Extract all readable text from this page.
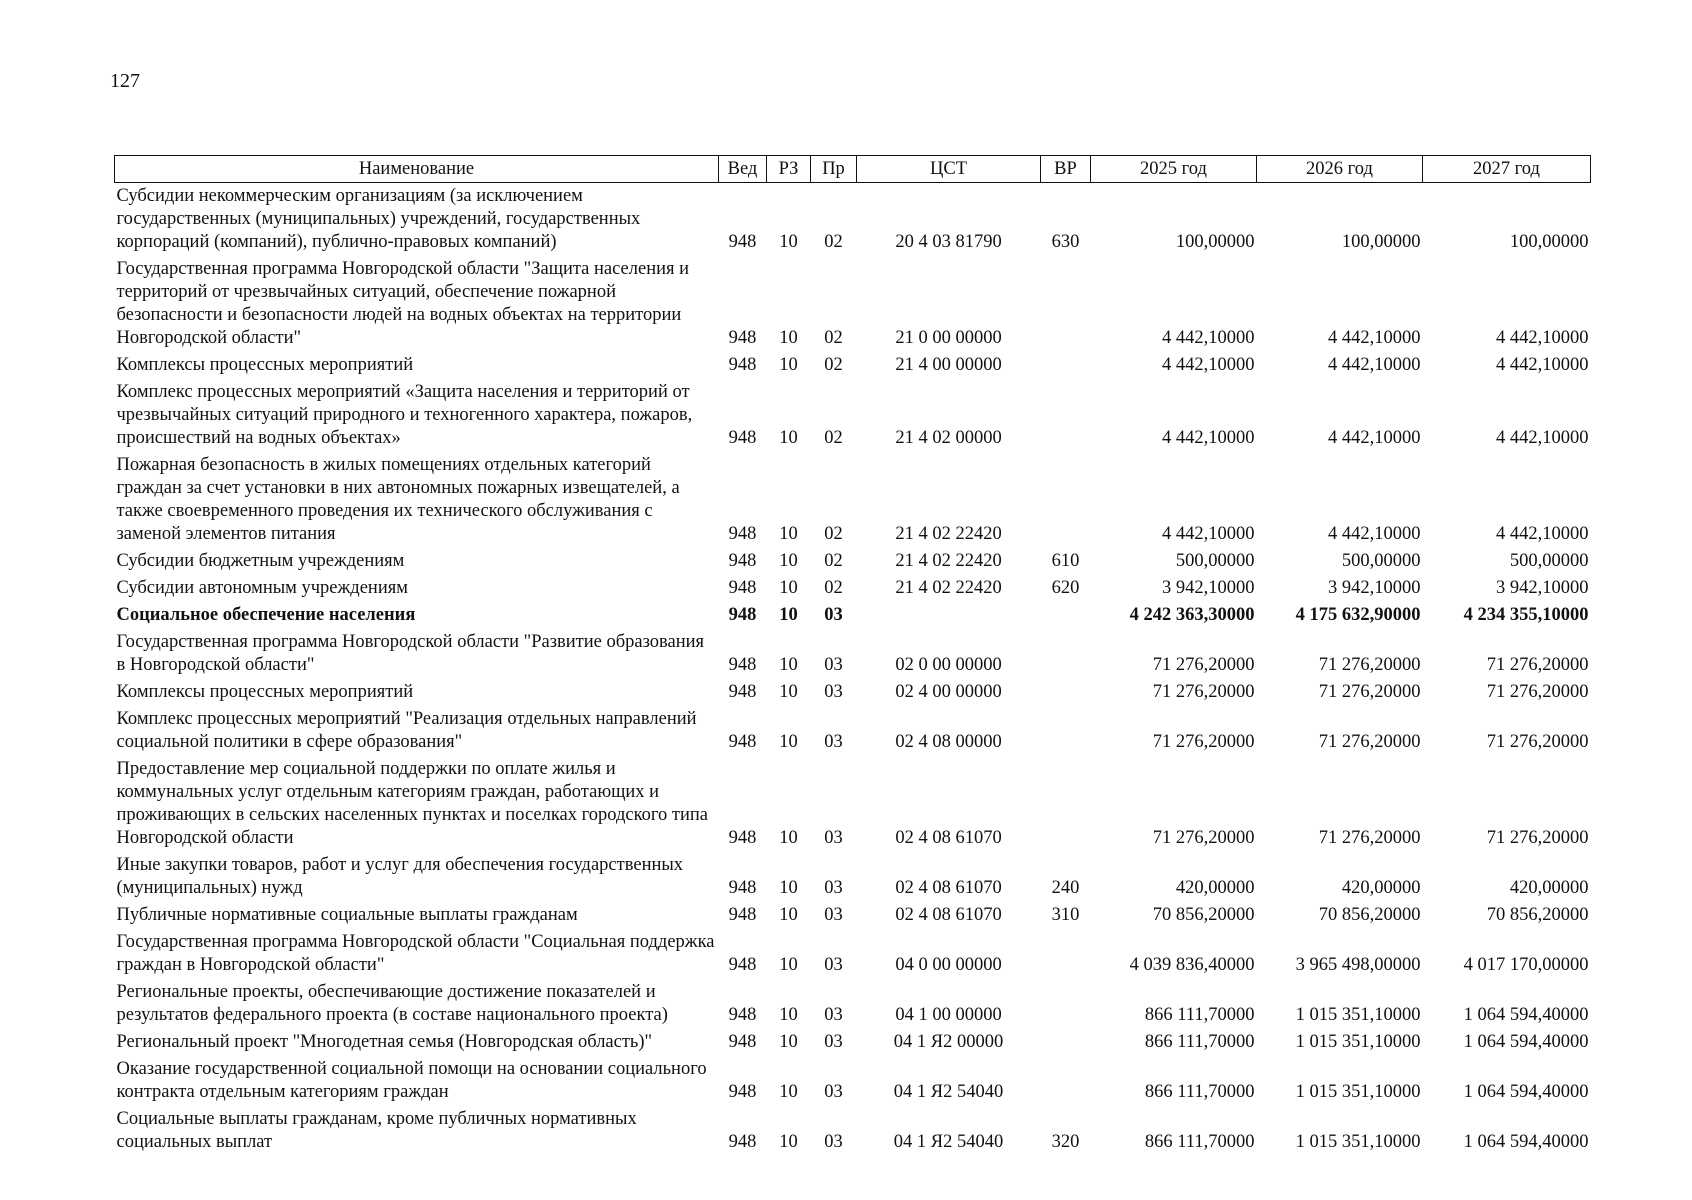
127
Наименование	Вед	РЗ	Пр	ЦСТ	ВР	2025 год	2026 год	2027 год
Субсидии некоммерческим организациям (за исключением государственных (муниципальных) учреждений, государственных корпораций (компаний), публично-правовых компаний)	948	10	02	20 4 03 81790	630	100,00000	100,00000	100,00000
Государственная программа Новгородской области "Защита населения и территорий от чрезвычайных ситуаций, обеспечение пожарной безопасности и безопасности людей на водных объектах на территории Новгородской области"	948	10	02	21 0 00 00000		4 442,10000	4 442,10000	4 442,10000
Комплексы процессных мероприятий	948	10	02	21 4 00 00000		4 442,10000	4 442,10000	4 442,10000
Комплекс процессных мероприятий «Защита населения и территорий от чрезвычайных ситуаций природного и техногенного характера, пожаров, происшествий на водных объектах»	948	10	02	21 4 02 00000		4 442,10000	4 442,10000	4 442,10000
Пожарная безопасность в жилых помещениях отдельных категорий граждан за счет установки в них автономных пожарных извещателей, а также своевременного проведения их технического обслуживания с заменой элементов питания	948	10	02	21 4 02 22420		4 442,10000	4 442,10000	4 442,10000
Субсидии бюджетным учреждениям	948	10	02	21 4 02 22420	610	500,00000	500,00000	500,00000
Субсидии автономным учреждениям	948	10	02	21 4 02 22420	620	3 942,10000	3 942,10000	3 942,10000
Социальное обеспечение населения	948	10	03			4 242 363,30000	4 175 632,90000	4 234 355,10000
Государственная программа Новгородской области "Развитие образования в Новгородской области"	948	10	03	02 0 00 00000		71 276,20000	71 276,20000	71 276,20000
Комплексы процессных мероприятий	948	10	03	02 4 00 00000		71 276,20000	71 276,20000	71 276,20000
Комплекс процессных мероприятий "Реализация отдельных направлений социальной политики в сфере образования"	948	10	03	02 4 08 00000		71 276,20000	71 276,20000	71 276,20000
Предоставление мер социальной поддержки по оплате жилья и коммунальных услуг отдельным категориям граждан, работающих и проживающих в сельских населенных пунктах и поселках городского типа Новгородской области	948	10	03	02 4 08 61070		71 276,20000	71 276,20000	71 276,20000
Иные закупки товаров, работ и услуг для обеспечения государственных (муниципальных) нужд	948	10	03	02 4 08 61070	240	420,00000	420,00000	420,00000
Публичные нормативные социальные выплаты гражданам	948	10	03	02 4 08 61070	310	70 856,20000	70 856,20000	70 856,20000
Государственная программа Новгородской области "Социальная поддержка граждан в Новгородской области"	948	10	03	04 0 00 00000		4 039 836,40000	3 965 498,00000	4 017 170,00000
Региональные проекты, обеспечивающие достижение показателей и результатов федерального проекта (в составе национального проекта)	948	10	03	04 1 00 00000		866 111,70000	1 015 351,10000	1 064 594,40000
Региональный проект "Многодетная семья (Новгородская область)"	948	10	03	04 1 Я2 00000		866 111,70000	1 015 351,10000	1 064 594,40000
Оказание государственной социальной помощи на основании социального контракта отдельным категориям граждан	948	10	03	04 1 Я2 54040		866 111,70000	1 015 351,10000	1 064 594,40000
Социальные выплаты гражданам, кроме публичных нормативных социальных выплат	948	10	03	04 1 Я2 54040	320	866 111,70000	1 015 351,10000	1 064 594,40000
